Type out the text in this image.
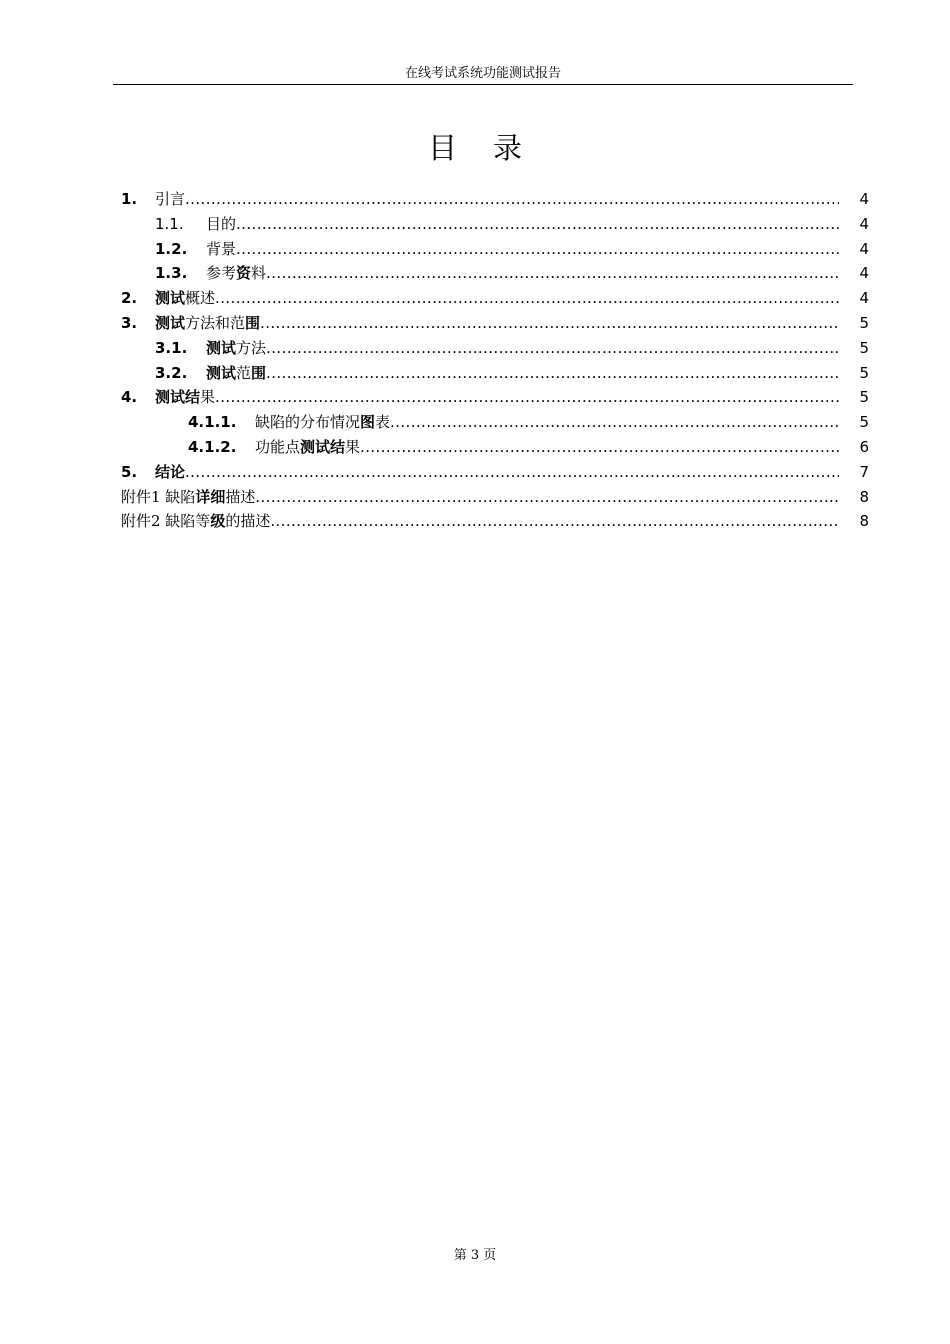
在线考试系统功能测试报告
目录
1.	引言 .....	4
1.1.	目的 .....	4
1.2.	背景 .....	4
1.3.	参考资料 .....	4
2.	测试概述 .....	4
3.	测试方法和范围 .....	5
3.1.	测试方法 .....	5
3.2.	测试范围 .....	5
4.	测试结果 .....	5
4.1.1.	缺陷的分布情况图表 .....	5
4.1.2.	功能点测试结果 .....	6
5.	结论 .....	7
附件1 缺陷详细描述 .....	8
附件2 缺陷等级的描述 .....	8
第 3 页
